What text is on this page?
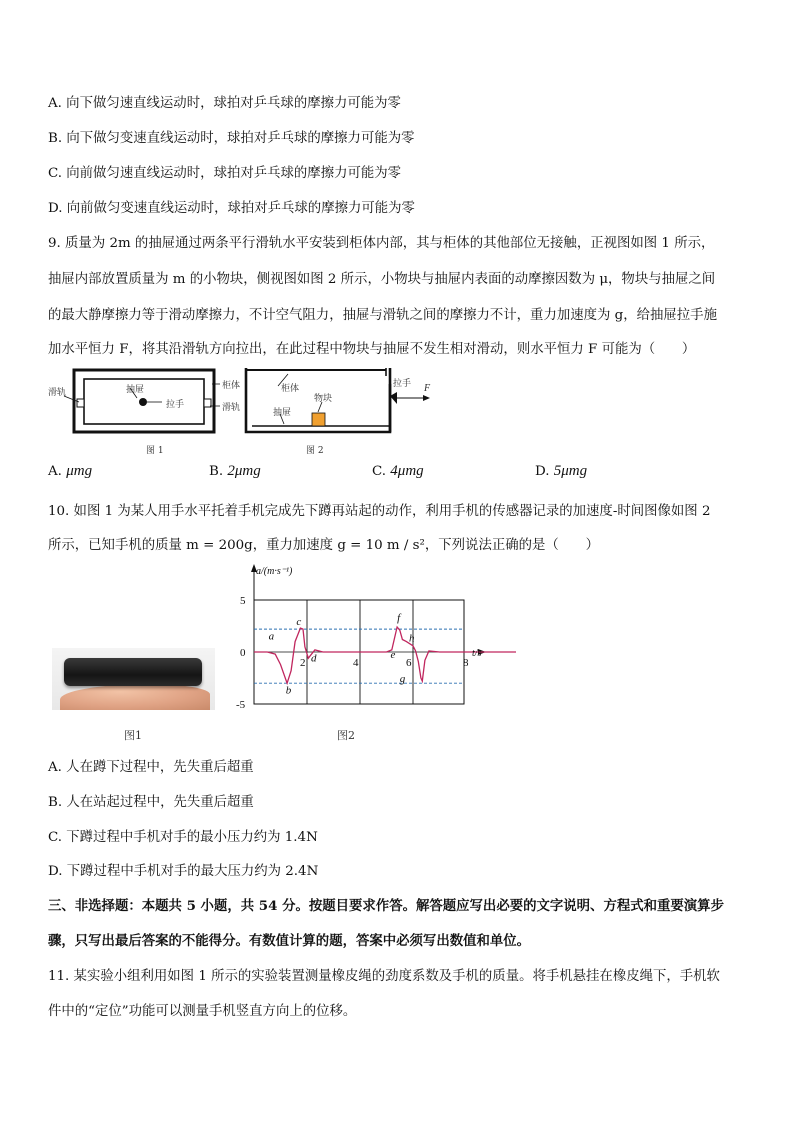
A. 向下做匀速直线运动时，球拍对乒乓球的摩擦力可能为零
B. 向下做匀变速直线运动时，球拍对乒乓球的摩擦力可能为零
C. 向前做匀速直线运动时，球拍对乒乓球的摩擦力可能为零
D. 向前做匀变速直线运动时，球拍对乒乓球的摩擦力可能为零
9. 质量为 2m 的抽屉通过两条平行滑轨水平安装到柜体内部，其与柜体的其他部位无接触，正视图如图 1 所示，
抽屉内部放置质量为 m 的小物块，侧视图如图 2 所示，小物块与抽屉内表面的动摩擦因数为 μ，物块与抽屉之间
的最大静摩擦力等于滑动摩擦力，不计空气阻力，抽屉与滑轨之间的摩擦力不计，重力加速度为 g，给抽屉拉手施
加水平恒力 F，将其沿滑轨方向拉出，在此过程中物块与抽屉不发生相对滑动，则水平恒力 F 可能为（　　）
滑轨	抽屉
拉手
柜体
滑轨
图 1
柜体
物块
抽屉
拉手 F
图 2
A. μmg	B. 2μmg	C. 4μmg	D. 5μmg
10. 如图 1 为某人用手水平托着手机完成先下蹲再站起的动作，利用手机的传感器记录的加速度-时间图像如图 2
所示，已知手机的质量 m = 200g，重力加速度 g = 10 m / s²，下列说法正确的是（　　）
图1
0
2	4	6	8
5
-5
a/(m·s⁻¹)
t/s
a
b
c
d	e
f
g
h
图2
A. 人在蹲下过程中，先失重后超重
B. 人在站起过程中，先失重后超重
C. 下蹲过程中手机对手的最小压力约为 1.4N
D. 下蹲过程中手机对手的最大压力约为 2.4N
三、非选择题：本题共 5 小题，共 54 分。按题目要求作答。解答题应写出必要的文字说明、方程式和重要演算步
骤，只写出最后答案的不能得分。有数值计算的题，答案中必须写出数值和单位。
11. 某实验小组利用如图 1 所示的实验装置测量橡皮绳的劲度系数及手机的质量。将手机悬挂在橡皮绳下，手机软
件中的“定位”功能可以测量手机竖直方向上的位移。
